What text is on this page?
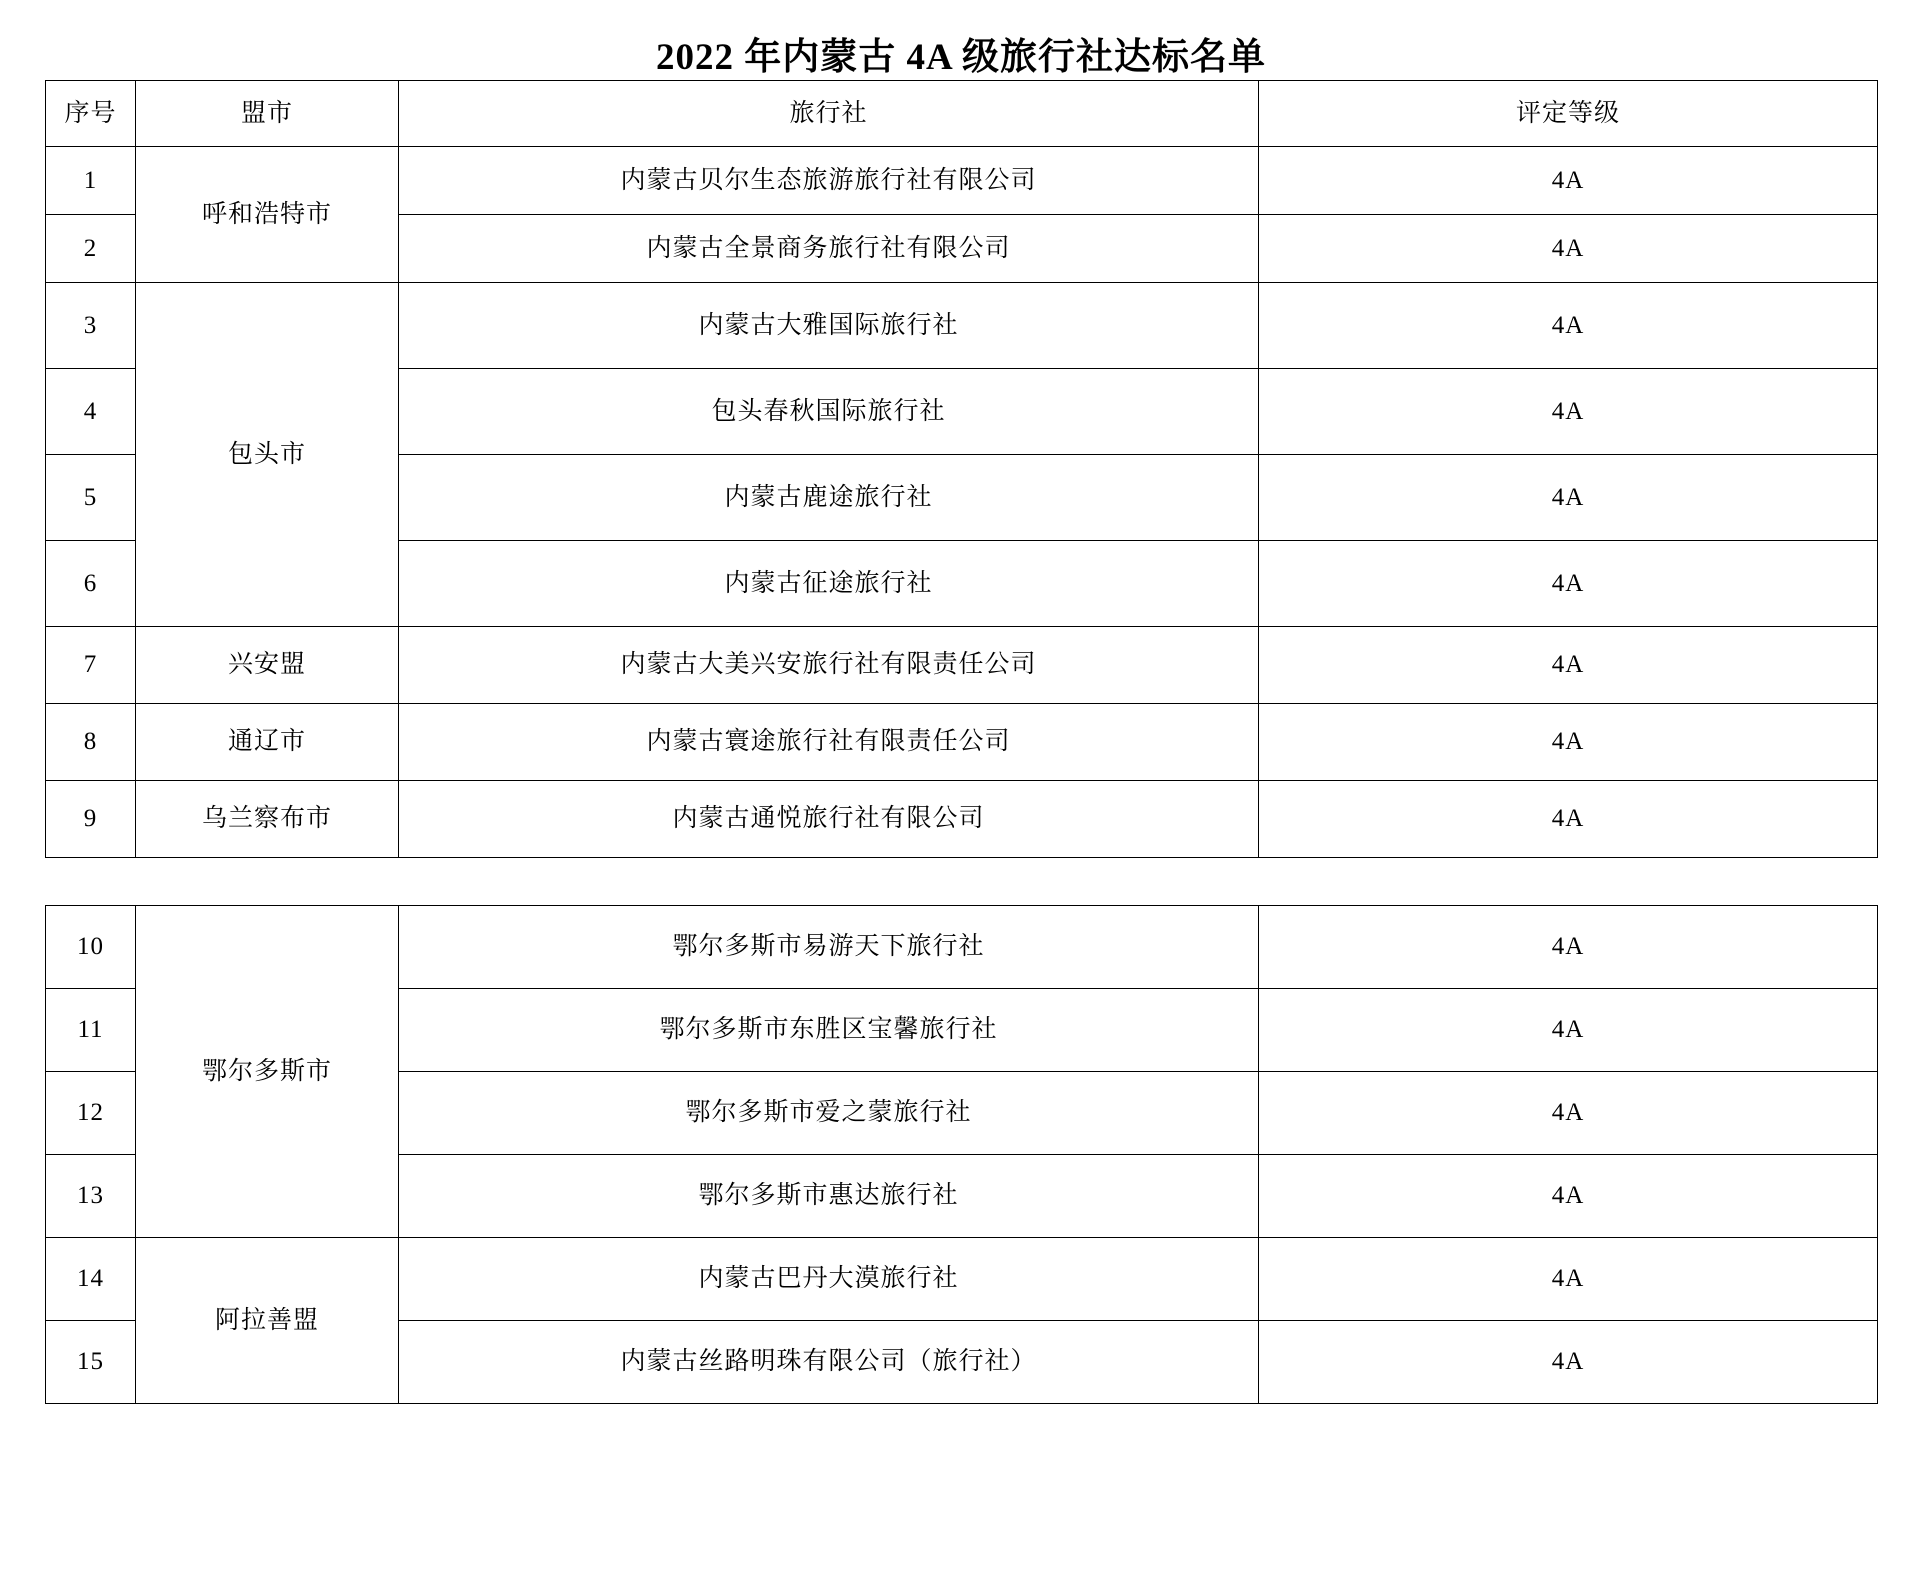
2022 年内蒙古 4A 级旅行社达标名单
序号	盟市	旅行社	评定等级
1	呼和浩特市	内蒙古贝尔生态旅游旅行社有限公司	4A
2		内蒙古全景商务旅行社有限公司	4A
3	包头市	内蒙古大雅国际旅行社	4A
4		包头春秋国际旅行社	4A
5		内蒙古鹿途旅行社	4A
6		内蒙古征途旅行社	4A
7	兴安盟	内蒙古大美兴安旅行社有限责任公司	4A
8	通辽市	内蒙古寰途旅行社有限责任公司	4A
9	乌兰察布市	内蒙古通悦旅行社有限公司	4A
10	鄂尔多斯市	鄂尔多斯市易游天下旅行社	4A
11		鄂尔多斯市东胜区宝馨旅行社	4A
12		鄂尔多斯市爱之蒙旅行社	4A
13		鄂尔多斯市惠达旅行社	4A
14	阿拉善盟	内蒙古巴丹大漠旅行社	4A
15		内蒙古丝路明珠有限公司（旅行社）	4A
